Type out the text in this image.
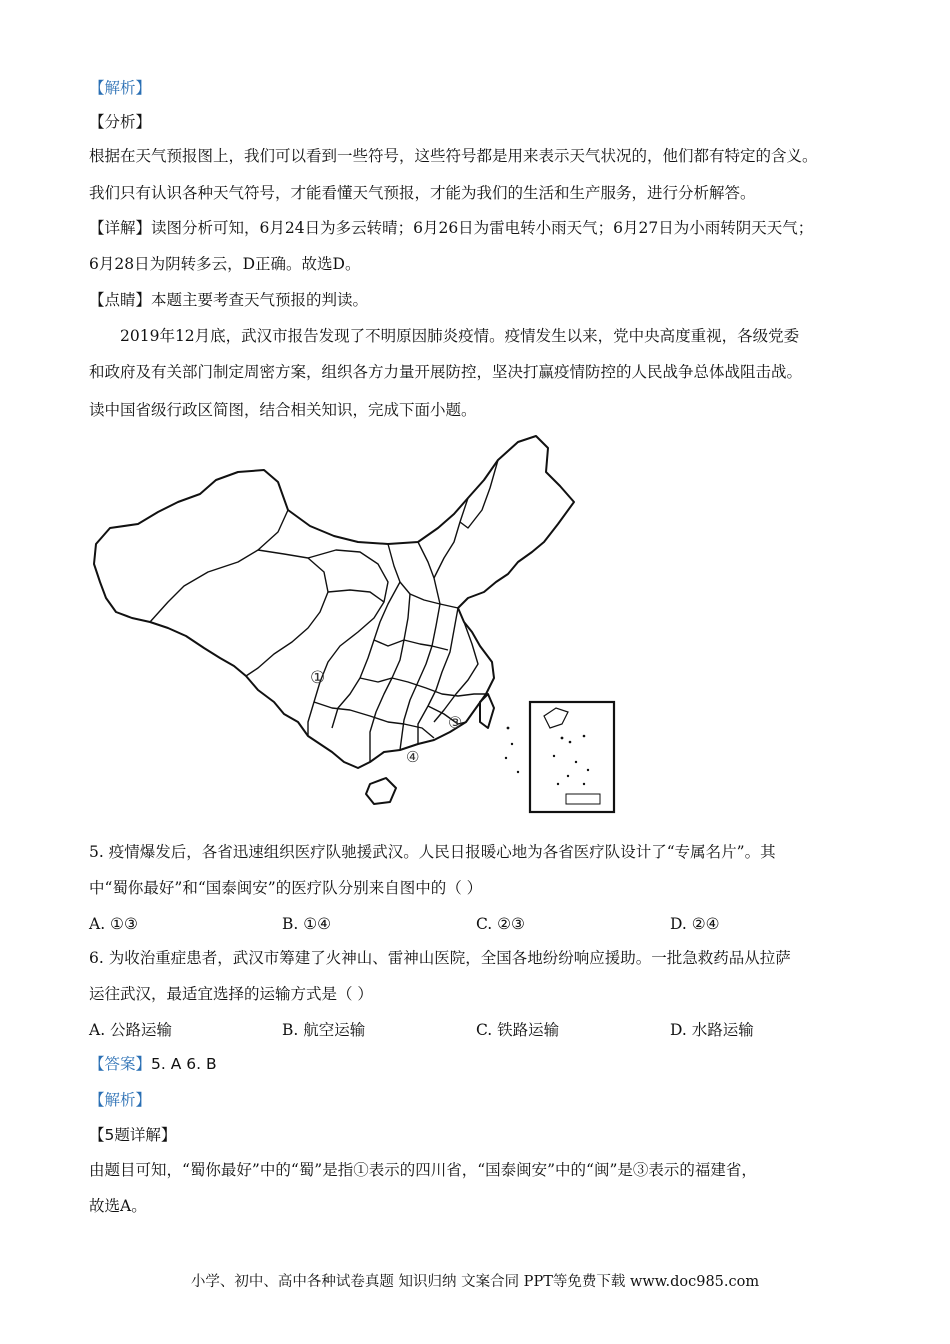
【解析】
【分析】
根据在天气预报图上，我们可以看到一些符号，这些符号都是用来表示天气状况的，他们都有特定的含义。
我们只有认识各种天气符号，才能看懂天气预报，才能为我们的生活和生产服务，进行分析解答。
【详解】读图分析可知，6月24日为多云转晴；6月26日为雷电转小雨天气；6月27日为小雨转阴天天气；
6月28日为阴转多云，D正确。故选D。
【点睛】本题主要考查天气预报的判读。
2019年12月底，武汉市报告发现了不明原因肺炎疫情。疫情发生以来，党中央高度重视，各级党委
和政府及有关部门制定周密方案，组织各方力量开展防控，坚决打赢疫情防控的人民战争总体战阻击战。
读中国省级行政区简图，结合相关知识，完成下面小题。
①
③
④
5. 疫情爆发后，各省迅速组织医疗队驰援武汉。人民日报暖心地为各省医疗队设计了“专属名片”。其
中“蜀你最好”和“国泰闽安”的医疗队分别来自图中的（ ）
A. ①③	B. ①④	C. ②③	D. ②④
6. 为收治重症患者，武汉市筹建了火神山、雷神山医院，全国各地纷纷响应援助。一批急救药品从拉萨
运往武汉，最适宜选择的运输方式是（ ）
A. 公路运输	B. 航空运输	C. 铁路运输	D. 水路运输
【答案】5. A 6. B
【解析】
【5题详解】
由题目可知，“蜀你最好”中的“蜀”是指①表示的四川省，“国泰闽安”中的“闽”是③表示的福建省，
故选A。
小学、初中、高中各种试卷真题 知识归纳 文案合同 PPT等免费下载 www.doc985.com
